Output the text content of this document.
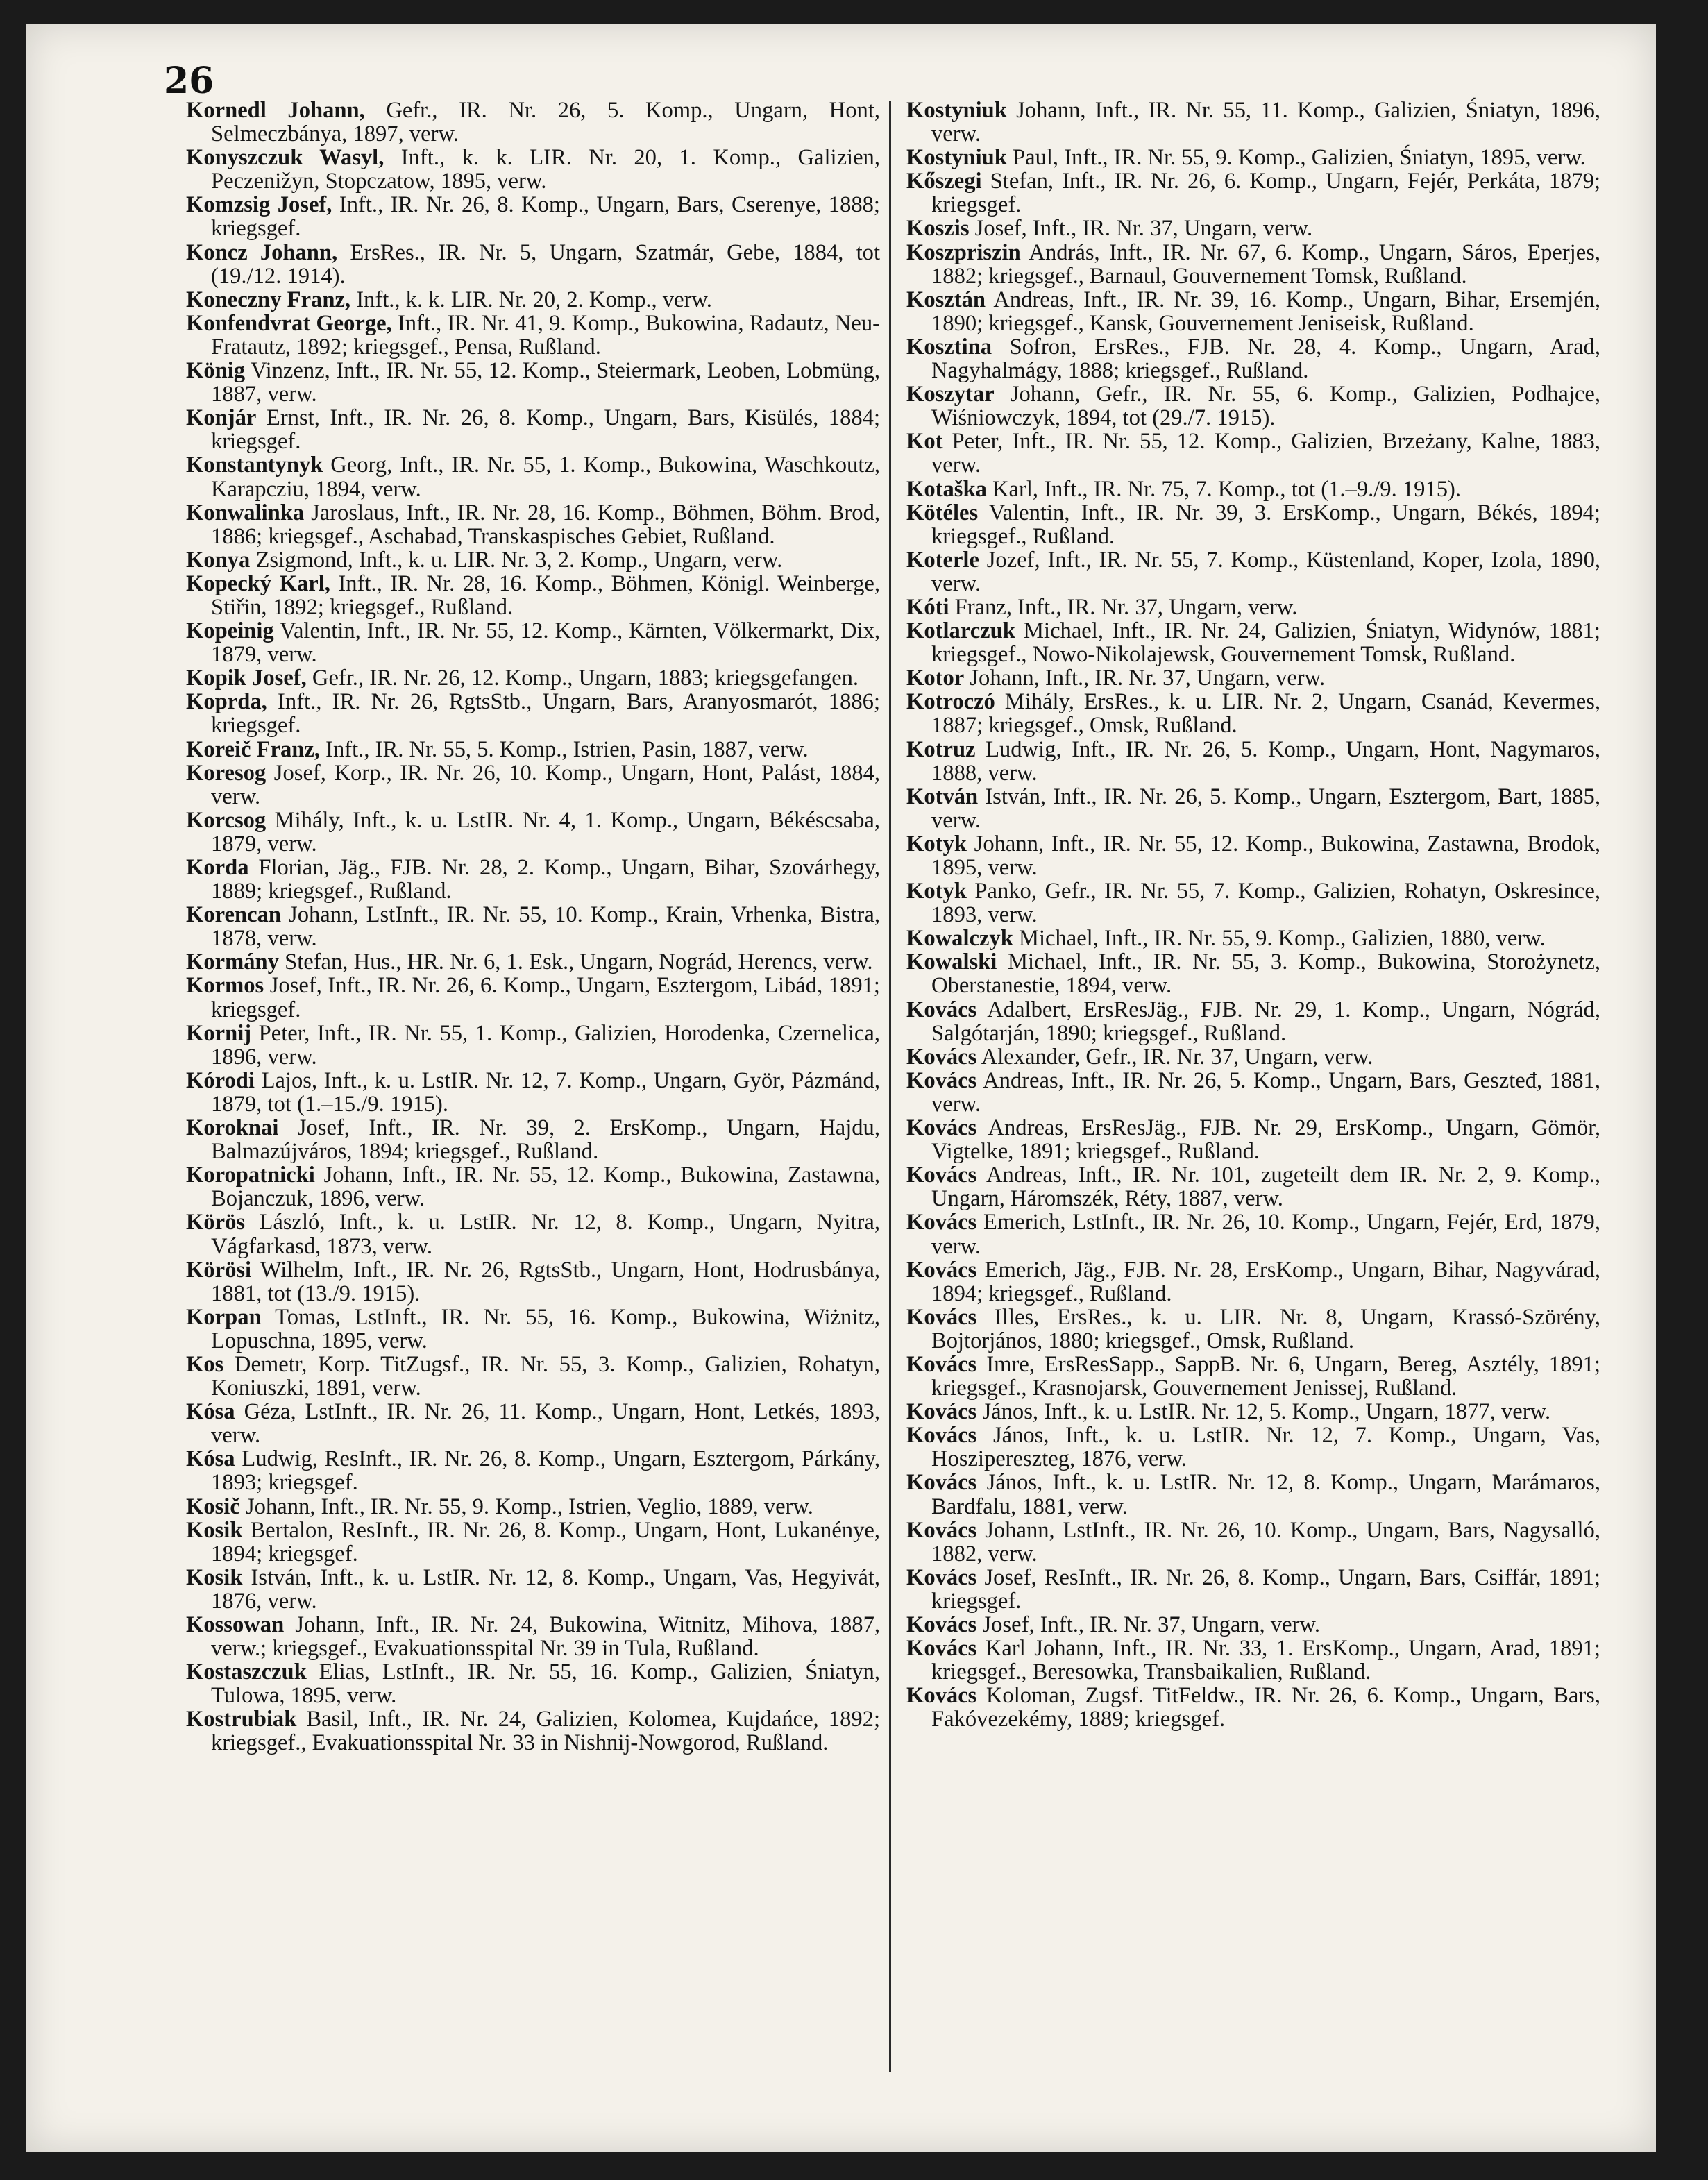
26

Kornedl Johann, Gefr., IR. Nr. 26, 5. Komp., Ungarn, Hont, Selmeczbánya, 1897, verw.

Konyszczuk Wasyl, Inft., k. k. LIR. Nr. 20, 1. Komp., Galizien, Peczenižyn, Stopczatow, 1895, verw.

Komzsig Josef, Inft., IR. Nr. 26, 8. Komp., Ungarn, Bars, Cserenye, 1888; kriegsgef.

Koncz Johann, ErsRes., IR. Nr. 5, Ungarn, Szatmár, Gebe, 1884, tot (19./12. 1914).

Koneczny Franz, Inft., k. k. LIR. Nr. 20, 2. Komp., verw.

Konfendvrat George, Inft., IR. Nr. 41, 9. Komp., Bukowina, Radautz, Neu-Fratautz, 1892; kriegsgef., Pensa, Rußland.

König Vinzenz, Inft., IR. Nr. 55, 12. Komp., Steiermark, Leoben, Lobmüng, 1887, verw.

Konjár Ernst, Inft., IR. Nr. 26, 8. Komp., Ungarn, Bars, Kisülés, 1884; kriegsgef.

Konstantynyk Georg, Inft., IR. Nr. 55, 1. Komp., Bukowina, Waschkoutz, Karapcziu, 1894, verw.

Konwalinka Jaroslaus, Inft., IR. Nr. 28, 16. Komp., Böhmen, Böhm. Brod, 1886; kriegsgef., Aschabad, Transkaspisches Gebiet, Rußland.

Konya Zsigmond, Inft., k. u. LIR. Nr. 3, 2. Komp., Ungarn, verw.

Kopecký Karl, Inft., IR. Nr. 28, 16. Komp., Böhmen, Königl. Weinberge, Stiřin, 1892; kriegsgef., Rußland.

Kopeinig Valentin, Inft., IR. Nr. 55, 12. Komp., Kärnten, Völkermarkt, Dix, 1879, verw.

Kopik Josef, Gefr., IR. Nr. 26, 12. Komp., Ungarn, 1883; kriegsgefangen.

Koprda, Inft., IR. Nr. 26, RgtsStb., Ungarn, Bars, Aranyosmarót, 1886; kriegsgef.

Koreič Franz, Inft., IR. Nr. 55, 5. Komp., Istrien, Pasin, 1887, verw.

Koresog Josef, Korp., IR. Nr. 26, 10. Komp., Ungarn, Hont, Palást, 1884, verw.

Korcsog Mihály, Inft., k. u. LstIR. Nr. 4, 1. Komp., Ungarn, Békéscsaba, 1879, verw.

Korda Florian, Jäg., FJB. Nr. 28, 2. Komp., Ungarn, Bihar, Szovárhegy, 1889; kriegsgef., Rußland.

Korencan Johann, LstInft., IR. Nr. 55, 10. Komp., Krain, Vrhenka, Bistra, 1878, verw.

Kormány Stefan, Hus., HR. Nr. 6, 1. Esk., Ungarn, Nográd, Herencs, verw.

Kormos Josef, Inft., IR. Nr. 26, 6. Komp., Ungarn, Esztergom, Libád, 1891; kriegsgef.

Kornij Peter, Inft., IR. Nr. 55, 1. Komp., Galizien, Horodenka, Czernelica, 1896, verw.

Kórodi Lajos, Inft., k. u. LstIR. Nr. 12, 7. Komp., Ungarn, Györ, Pázmánd, 1879, tot (1.–15./9. 1915).

Koroknai Josef, Inft., IR. Nr. 39, 2. ErsKomp., Ungarn, Hajdu, Balmazújváros, 1894; kriegsgef., Rußland.

Koropatnicki Johann, Inft., IR. Nr. 55, 12. Komp., Bukowina, Zastawna, Bojanczuk, 1896, verw.

Körös László, Inft., k. u. LstIR. Nr. 12, 8. Komp., Ungarn, Nyitra, Vágfarkasd, 1873, verw.

Körösi Wilhelm, Inft., IR. Nr. 26, RgtsStb., Ungarn, Hont, Hodrusbánya, 1881, tot (13./9. 1915).

Korpan Tomas, LstInft., IR. Nr. 55, 16. Komp., Bukowina, Wiżnitz, Lopuschna, 1895, verw.

Kos Demetr, Korp. TitZugsf., IR. Nr. 55, 3. Komp., Galizien, Rohatyn, Koniuszki, 1891, verw.

Kósa Géza, LstInft., IR. Nr. 26, 11. Komp., Ungarn, Hont, Letkés, 1893, verw.

Kósa Ludwig, ResInft., IR. Nr. 26, 8. Komp., Ungarn, Esztergom, Párkány, 1893; kriegsgef.

Kosič Johann, Inft., IR. Nr. 55, 9. Komp., Istrien, Veglio, 1889, verw.

Kosik Bertalon, ResInft., IR. Nr. 26, 8. Komp., Ungarn, Hont, Lukanénye, 1894; kriegsgef.

Kosik István, Inft., k. u. LstIR. Nr. 12, 8. Komp., Ungarn, Vas, Hegyivát, 1876, verw.

Kossowan Johann, Inft., IR. Nr. 24, Bukowina, Witnitz, Mihova, 1887, verw.; kriegsgef., Evakuationsspital Nr. 39 in Tula, Rußland.

Kostaszczuk Elias, LstInft., IR. Nr. 55, 16. Komp., Galizien, Śniatyn, Tulowa, 1895, verw.

Kostrubiak Basil, Inft., IR. Nr. 24, Galizien, Kolomea, Kujdańce, 1892; kriegsgef., Evakuationsspital Nr. 33 in Nishnij-Nowgorod, Rußland.

Kostyniuk Johann, Inft., IR. Nr. 55, 11. Komp., Galizien, Śniatyn, 1896, verw.

Kostyniuk Paul, Inft., IR. Nr. 55, 9. Komp., Galizien, Śniatyn, 1895, verw.

Kőszegi Stefan, Inft., IR. Nr. 26, 6. Komp., Ungarn, Fejér, Perkáta, 1879; kriegsgef.

Koszis Josef, Inft., IR. Nr. 37, Ungarn, verw.

Koszpriszin András, Inft., IR. Nr. 67, 6. Komp., Ungarn, Sáros, Eperjes, 1882; kriegsgef., Barnaul, Gouvernement Tomsk, Rußland.

Kosztán Andreas, Inft., IR. Nr. 39, 16. Komp., Ungarn, Bihar, Ersemjén, 1890; kriegsgef., Kansk, Gouvernement Jeniseisk, Rußland.

Kosztina Sofron, ErsRes., FJB. Nr. 28, 4. Komp., Ungarn, Arad, Nagyhalmágy, 1888; kriegsgef., Rußland.

Koszytar Johann, Gefr., IR. Nr. 55, 6. Komp., Galizien, Podhajce, Wiśniowczyk, 1894, tot (29./7. 1915).

Kot Peter, Inft., IR. Nr. 55, 12. Komp., Galizien, Brzeżany, Kalne, 1883, verw.

Kotaška Karl, Inft., IR. Nr. 75, 7. Komp., tot (1.–9./9. 1915).

Kötéles Valentin, Inft., IR. Nr. 39, 3. ErsKomp., Ungarn, Békés, 1894; kriegsgef., Rußland.

Koterle Jozef, Inft., IR. Nr. 55, 7. Komp., Küstenland, Koper, Izola, 1890, verw.

Kóti Franz, Inft., IR. Nr. 37, Ungarn, verw.

Kotlarczuk Michael, Inft., IR. Nr. 24, Galizien, Śniatyn, Widynów, 1881; kriegsgef., Nowo-Nikolajewsk, Gouvernement Tomsk, Rußland.

Kotor Johann, Inft., IR. Nr. 37, Ungarn, verw.

Kotroczó Mihály, ErsRes., k. u. LIR. Nr. 2, Ungarn, Csanád, Kevermes, 1887; kriegsgef., Omsk, Rußland.

Kotruz Ludwig, Inft., IR. Nr. 26, 5. Komp., Ungarn, Hont, Nagymaros, 1888, verw.

Kotván István, Inft., IR. Nr. 26, 5. Komp., Ungarn, Esztergom, Bart, 1885, verw.

Kotyk Johann, Inft., IR. Nr. 55, 12. Komp., Bukowina, Zastawna, Brodok, 1895, verw.

Kotyk Panko, Gefr., IR. Nr. 55, 7. Komp., Galizien, Rohatyn, Oskresince, 1893, verw.

Kowalczyk Michael, Inft., IR. Nr. 55, 9. Komp., Galizien, 1880, verw.

Kowalski Michael, Inft., IR. Nr. 55, 3. Komp., Bukowina, Storożynetz, Oberstanestie, 1894, verw.

Kovács Adalbert, ErsResJäg., FJB. Nr. 29, 1. Komp., Ungarn, Nógrád, Salgótarján, 1890; kriegsgef., Rußland.

Kovács Alexander, Gefr., IR. Nr. 37, Ungarn, verw.

Kovács Andreas, Inft., IR. Nr. 26, 5. Komp., Ungarn, Bars, Geszteđ, 1881, verw.

Kovács Andreas, ErsResJäg., FJB. Nr. 29, ErsKomp., Ungarn, Gömör, Vigtelke, 1891; kriegsgef., Rußland.

Kovács Andreas, Inft., IR. Nr. 101, zugeteilt dem IR. Nr. 2, 9. Komp., Ungarn, Háromszék, Réty, 1887, verw.

Kovács Emerich, LstInft., IR. Nr. 26, 10. Komp., Ungarn, Fejér, Erd, 1879, verw.

Kovács Emerich, Jäg., FJB. Nr. 28, ErsKomp., Ungarn, Bihar, Nagyvárad, 1894; kriegsgef., Rußland.

Kovács Illes, ErsRes., k. u. LIR. Nr. 8, Ungarn, Krassó-Szörény, Bojtorjános, 1880; kriegsgef., Omsk, Rußland.

Kovács Imre, ErsResSapp., SappB. Nr. 6, Ungarn, Bereg, Asztély, 1891; kriegsgef., Krasnojarsk, Gouvernement Jenissej, Rußland.

Kovács János, Inft., k. u. LstIR. Nr. 12, 5. Komp., Ungarn, 1877, verw.

Kovács János, Inft., k. u. LstIR. Nr. 12, 7. Komp., Ungarn, Vas, Hoszipereszteg, 1876, verw.

Kovács János, Inft., k. u. LstIR. Nr. 12, 8. Komp., Ungarn, Marámaros, Bardfalu, 1881, verw.

Kovács Johann, LstInft., IR. Nr. 26, 10. Komp., Ungarn, Bars, Nagysalló, 1882, verw.

Kovács Josef, ResInft., IR. Nr. 26, 8. Komp., Ungarn, Bars, Csiffár, 1891; kriegsgef.

Kovács Josef, Inft., IR. Nr. 37, Ungarn, verw.

Kovács Karl Johann, Inft., IR. Nr. 33, 1. ErsKomp., Ungarn, Arad, 1891; kriegsgef., Beresowka, Transbaikalien, Rußland.

Kovács Koloman, Zugsf. TitFeldw., IR. Nr. 26, 6. Komp., Ungarn, Bars, Fakóvezekémy, 1889; kriegsgef.
